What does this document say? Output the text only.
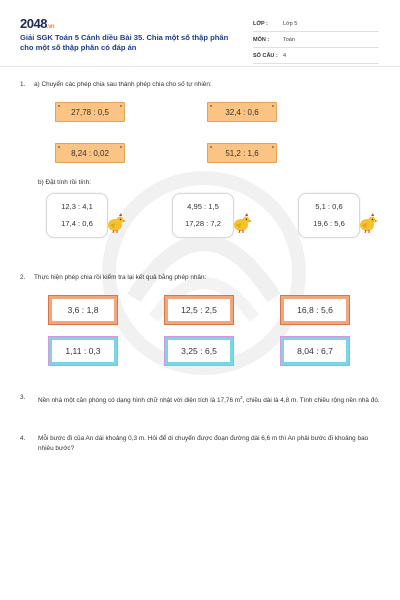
2048.vn
Giải SGK Toán 5 Cánh diều Bài 35. Chia một số thập phân cho một số thập phân có đáp án
LỚP :	Lớp 5
MÔN :	Toán
SỐ CÂU : 4
1. a) Chuyển các phép chia sau thành phép chia cho số tự nhiên:
27,78 : 0,5	32,4 : 0,6
8,24 : 0,02	51,2 : 1,6
b) Đặt tính rồi tính:
12,3 : 4,1
17,4 : 0,6
4,95 : 1,5
17,28 : 7,2
5,1 : 0,6
19,6 : 5,6
2. Thực hiện phép chia rồi kiểm tra lại kết quả bằng phép nhân:
3,6 : 1,8	12,5 : 2,5	16,8 : 5,6
1,11 : 0,3	3,25 : 6,5	8,04 : 6,7
3.	Nền nhà một căn phòng có dạng hình chữ nhật với diện tích là 17,76 $m^2$, chiều dài là 4,8 m. Tính chiều rộng nền nhà đó.
4.	Mỗi bước đi của An dài khoảng 0,3 m. Hỏi để di chuyển được đoạn đường dài 6,6 m thì An phải bước đi khoảng bao nhiêu bước?
